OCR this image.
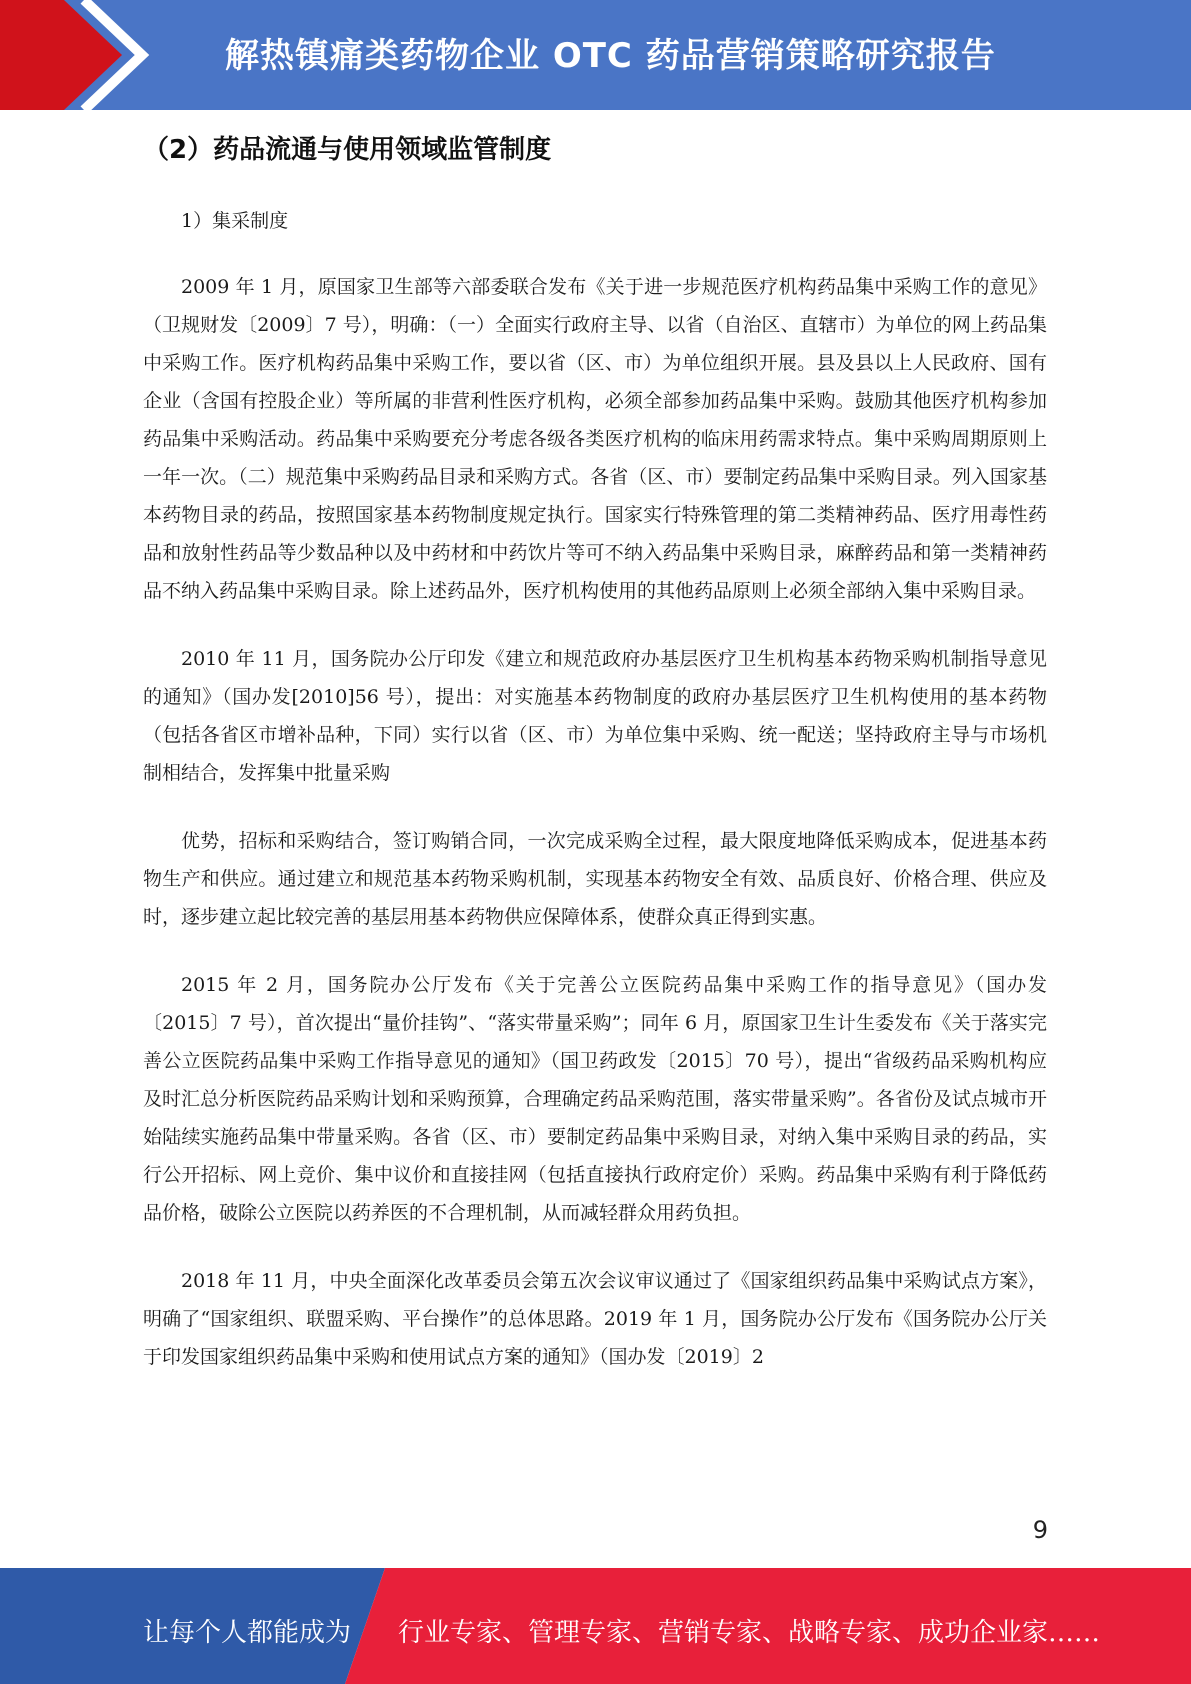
解热镇痛类药物企业 OTC 药品营销策略研究报告
（2）药品流通与使用领域监管制度

1）集采制度

2009 年 1 月，原国家卫生部等六部委联合发布《关于进一步规范医疗机构药品集中采购工作的意见》（卫规财发〔2009〕7 号），明确：（一）全面实行政府主导、以省（自治区、直辖市）为单位的网上药品集中采购工作。医疗机构药品集中采购工作，要以省（区、市）为单位组织开展。县及县以上人民政府、国有企业（含国有控股企业）等所属的非营利性医疗机构，必须全部参加药品集中采购。鼓励其他医疗机构参加药品集中采购活动。药品集中采购要充分考虑各级各类医疗机构的临床用药需求特点。集中采购周期原则上一年一次。（二）规范集中采购药品目录和采购方式。各省（区、市）要制定药品集中采购目录。列入国家基本药物目录的药品，按照国家基本药物制度规定执行。国家实行特殊管理的第二类精神药品、医疗用毒性药品和放射性药品等少数品种以及中药材和中药饮片等可不纳入药品集中采购目录，麻醉药品和第一类精神药品不纳入药品集中采购目录。除上述药品外，医疗机构使用的其他药品原则上必须全部纳入集中采购目录。

2010 年 11 月，国务院办公厅印发《建立和规范政府办基层医疗卫生机构基本药物采购机制指导意见的通知》（国办发[2010]56 号），提出：对实施基本药物制度的政府办基层医疗卫生机构使用的基本药物（包括各省区市增补品种，下同）实行以省（区、市）为单位集中采购、统一配送；坚持政府主导与市场机制相结合，发挥集中批量采购

优势，招标和采购结合，签订购销合同，一次完成采购全过程，最大限度地降低采购成本，促进基本药物生产和供应。通过建立和规范基本药物采购机制，实现基本药物安全有效、品质良好、价格合理、供应及时，逐步建立起比较完善的基层用基本药物供应保障体系，使群众真正得到实惠。

2015 年 2 月，国务院办公厅发布《关于完善公立医院药品集中采购工作的指导意见》（国办发〔2015〕7 号），首次提出“量价挂钩”、“落实带量采购”；同年 6 月，原国家卫生计生委发布《关于落实完善公立医院药品集中采购工作指导意见的通知》（国卫药政发〔2015〕70 号），提出“省级药品采购机构应及时汇总分析医院药品采购计划和采购预算，合理确定药品采购范围，落实带量采购”。各省份及试点城市开始陆续实施药品集中带量采购。各省（区、市）要制定药品集中采购目录，对纳入集中采购目录的药品，实行公开招标、网上竞价、集中议价和直接挂网（包括直接执行政府定价）采购。药品集中采购有利于降低药品价格，破除公立医院以药养医的不合理机制，从而减轻群众用药负担。

2018 年 11 月，中央全面深化改革委员会第五次会议审议通过了《国家组织药品集中采购试点方案》，明确了“国家组织、联盟采购、平台操作”的总体思路。2019 年 1 月，国务院办公厅发布《国务院办公厅关于印发国家组织药品集中采购和使用试点方案的通知》（国办发〔2019〕2

9
让每个人都能成为 行业专家、管理专家、营销专家、战略专家、成功企业家……
